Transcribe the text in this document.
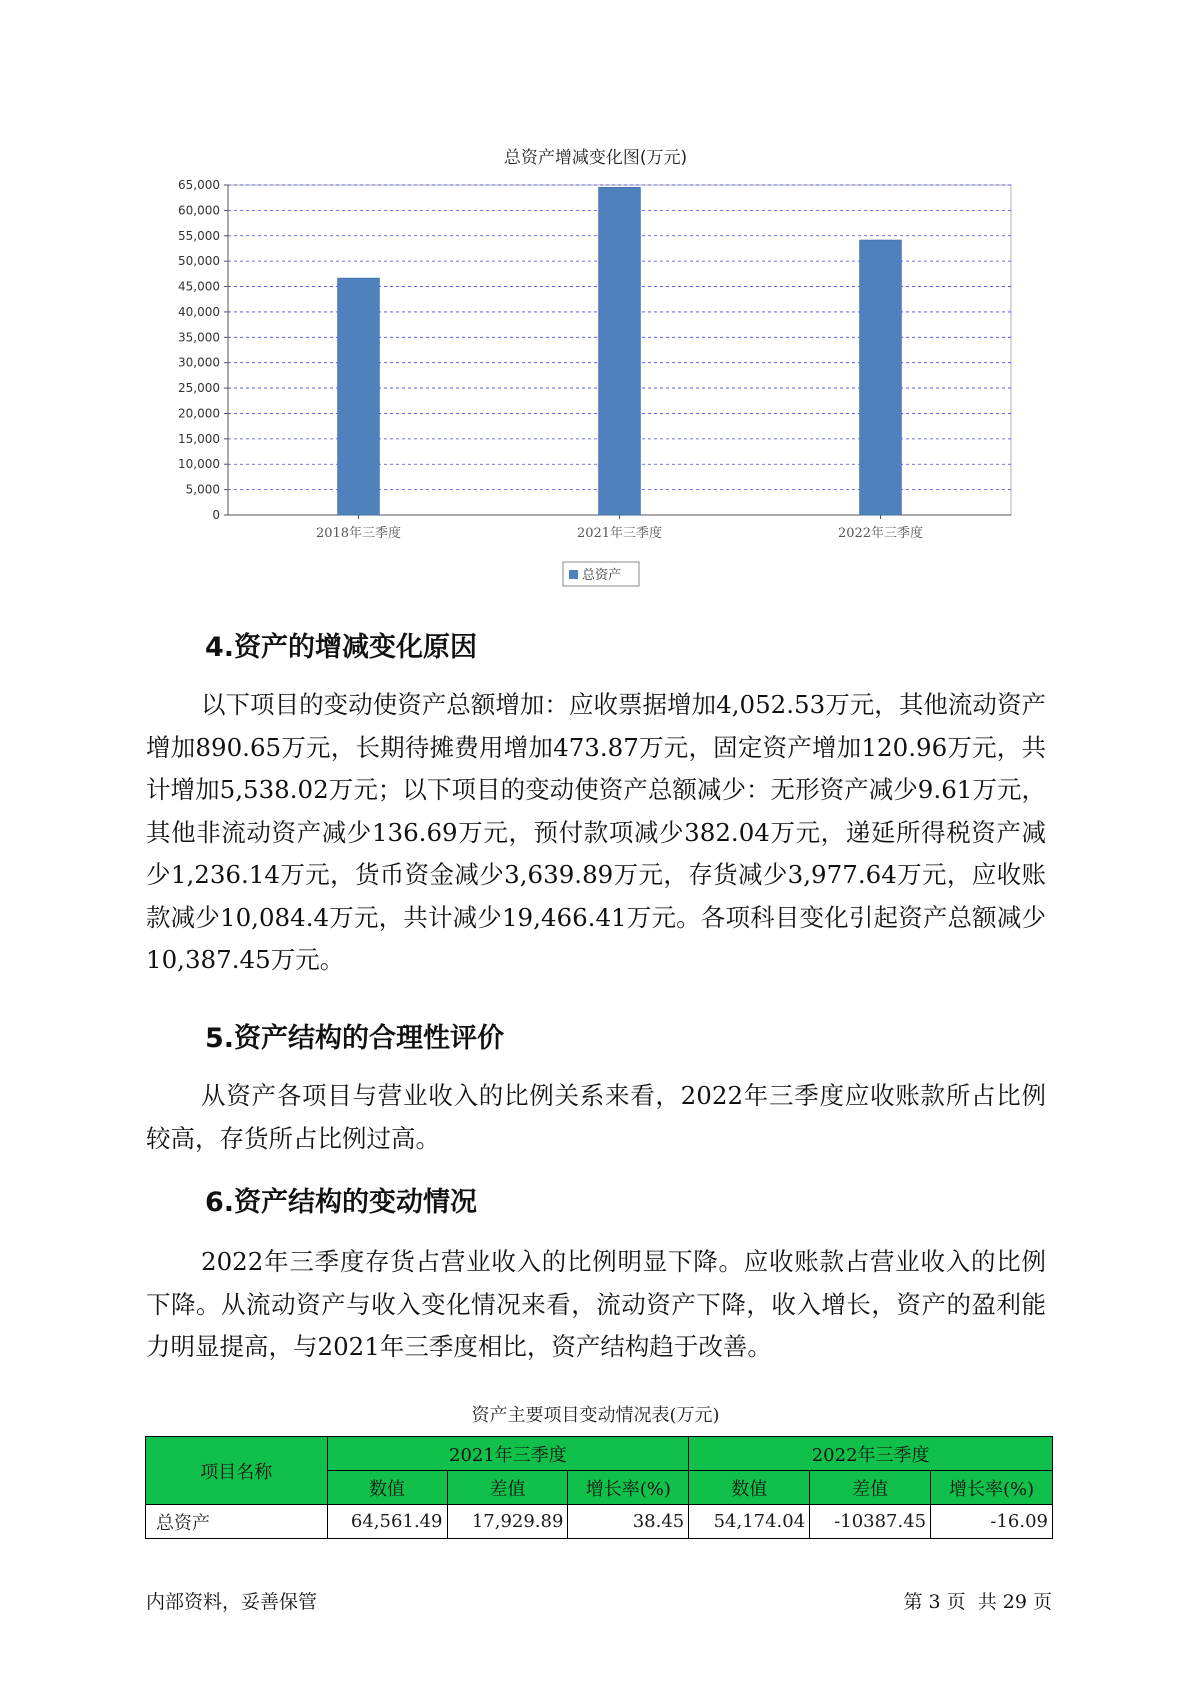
总资产增减变化图(万元)
0
5,000
10,000
15,000
20,000
25,000
30,000
35,000
40,000
45,000
50,000
55,000
60,000
65,000
2018年三季度	2021年三季度	2022年三季度
总资产
4.资产的增减变化原因

以下项目的变动使资产总额增加：应收票据增加4,052.53万元，其他流动资产增加890.65万元，长期待摊费用增加473.87万元，固定资产增加120.96万元，共计增加5,538.02万元；以下项目的变动使资产总额减少：无形资产减少9.61万元，其他非流动资产减少136.69万元，预付款项减少382.04万元，递延所得税资产减少1,236.14万元，货币资金减少3,639.89万元，存货减少3,977.64万元，应收账款减少10,084.4万元，共计减少19,466.41万元。各项科目变化引起资产总额减少10,387.45万元。

5.资产结构的合理性评价

从资产各项目与营业收入的比例关系来看，2022年三季度应收账款所占比例较高，存货所占比例过高。

6.资产结构的变动情况

2022年三季度存货占营业收入的比例明显下降。应收账款占营业收入的比例下降。从流动资产与收入变化情况来看，流动资产下降，收入增长，资产的盈利能力明显提高，与2021年三季度相比，资产结构趋于改善。

资产主要项目变动情况表(万元)
项目名称	2021年三季度			2022年三季度		
	数值	差值	增长率(%)	数值	差值	增长率(%)
总资产	64,561.49	17,929.89	38.45	54,174.04	-10387.45	-16.09
内部资料，妥善保管	第 3 页  共 29 页
